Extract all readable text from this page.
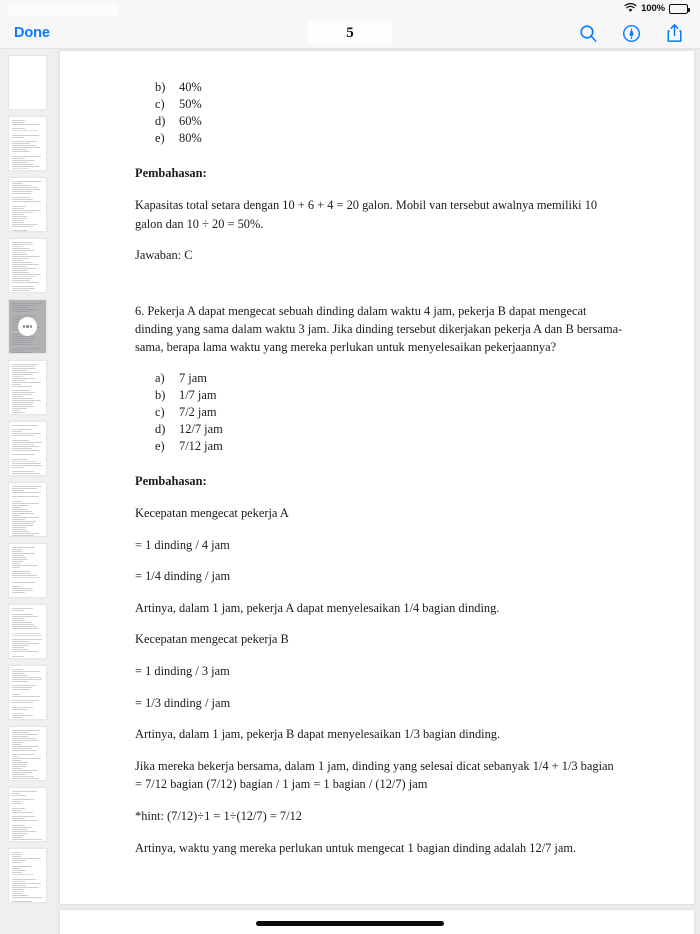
100%
Done	5
b)	40%
c)	50%
d)	60%
e)	80%
Pembahasan:
Kapasitas total setara dengan 10 + 6 + 4 = 20 galon. Mobil van tersebut awalnya memiliki 10 galon dan 10 ÷ 20 = 50%.
Jawaban: C
6. Pekerja A dapat mengecat sebuah dinding dalam waktu 4 jam, pekerja B dapat mengecat dinding yang sama dalam waktu 3 jam. Jika dinding tersebut dikerjakan pekerja A dan B bersama-sama, berapa lama waktu yang mereka perlukan untuk menyelesaikan pekerjaannya?
a)	7 jam
b)	1/7 jam
c)	7/2 jam
d)	12/7 jam
e)	7/12 jam
Pembahasan:
Kecepatan mengecat pekerja A
= 1 dinding / 4 jam
= 1/4 dinding / jam
Artinya, dalam 1 jam, pekerja A dapat menyelesaikan 1/4 bagian dinding.
Kecepatan mengecat pekerja B
= 1 dinding / 3 jam
= 1/3 dinding / jam
Artinya, dalam 1 jam, pekerja B dapat menyelesaikan 1/3 bagian dinding.
Jika mereka bekerja bersama, dalam 1 jam, dinding yang selesai dicat sebanyak 1/4 + 1/3 bagian = 7/12 bagian (7/12) bagian / 1 jam = 1 bagian / (12/7) jam
*hint: (7/12)÷1 = 1÷(12/7) = 7/12
Artinya, waktu yang mereka perlukan untuk mengecat 1 bagian dinding adalah 12/7 jam.
